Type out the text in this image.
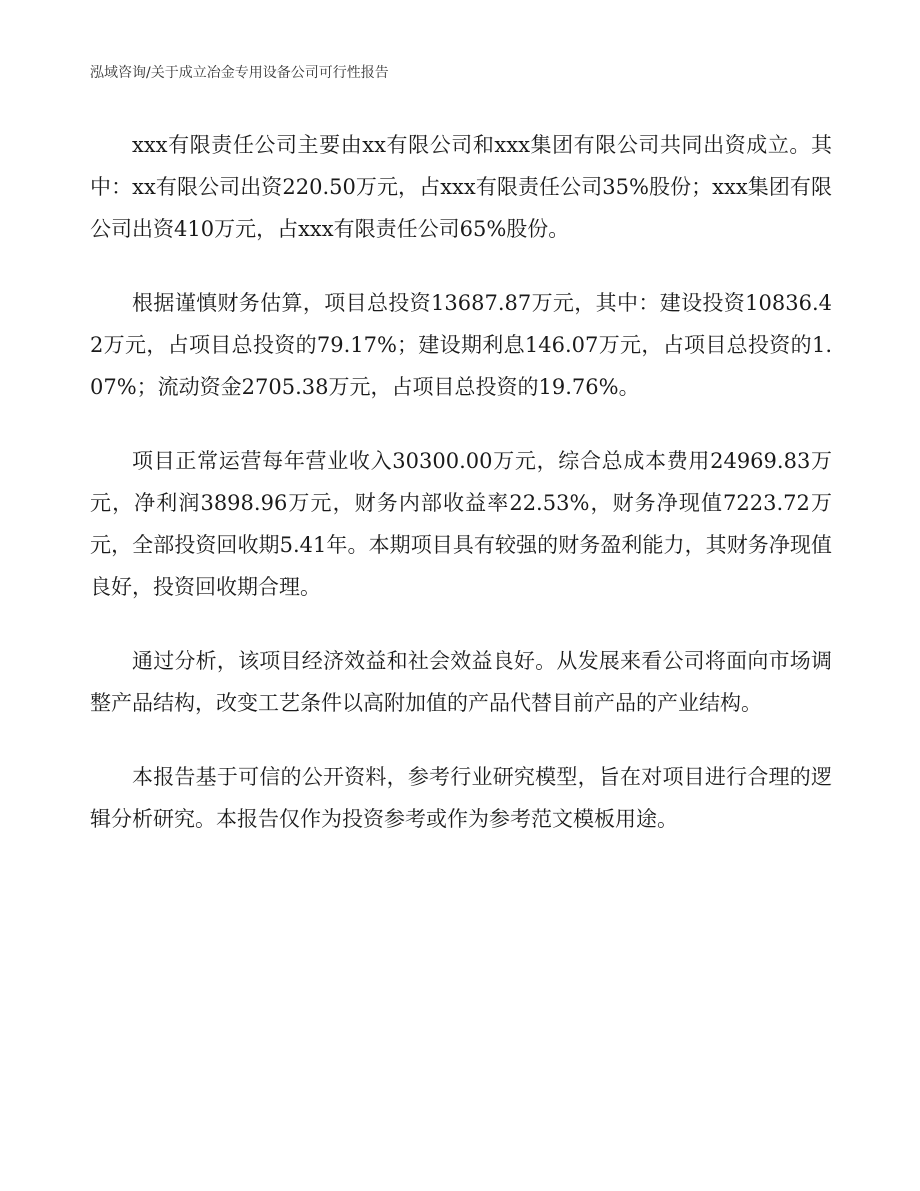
泓域咨询/关于成立冶金专用设备公司可行性报告

xxx有限责任公司主要由xx有限公司和xxx集团有限公司共同出资成立。其中：xx有限公司出资220.50万元，占xxx有限责任公司35%股份；xxx集团有限公司出资410万元，占xxx有限责任公司65%股份。

根据谨慎财务估算，项目总投资13687.87万元，其中：建设投资10836.42万元，占项目总投资的79.17%；建设期利息146.07万元，占项目总投资的1.07%；流动资金2705.38万元，占项目总投资的19.76%。

项目正常运营每年营业收入30300.00万元，综合总成本费用24969.83万元，净利润3898.96万元，财务内部收益率22.53%，财务净现值7223.72万元，全部投资回收期5.41年。本期项目具有较强的财务盈利能力，其财务净现值良好，投资回收期合理。

通过分析，该项目经济效益和社会效益良好。从发展来看公司将面向市场调整产品结构，改变工艺条件以高附加值的产品代替目前产品的产业结构。

本报告基于可信的公开资料，参考行业研究模型，旨在对项目进行合理的逻辑分析研究。本报告仅作为投资参考或作为参考范文模板用途。
